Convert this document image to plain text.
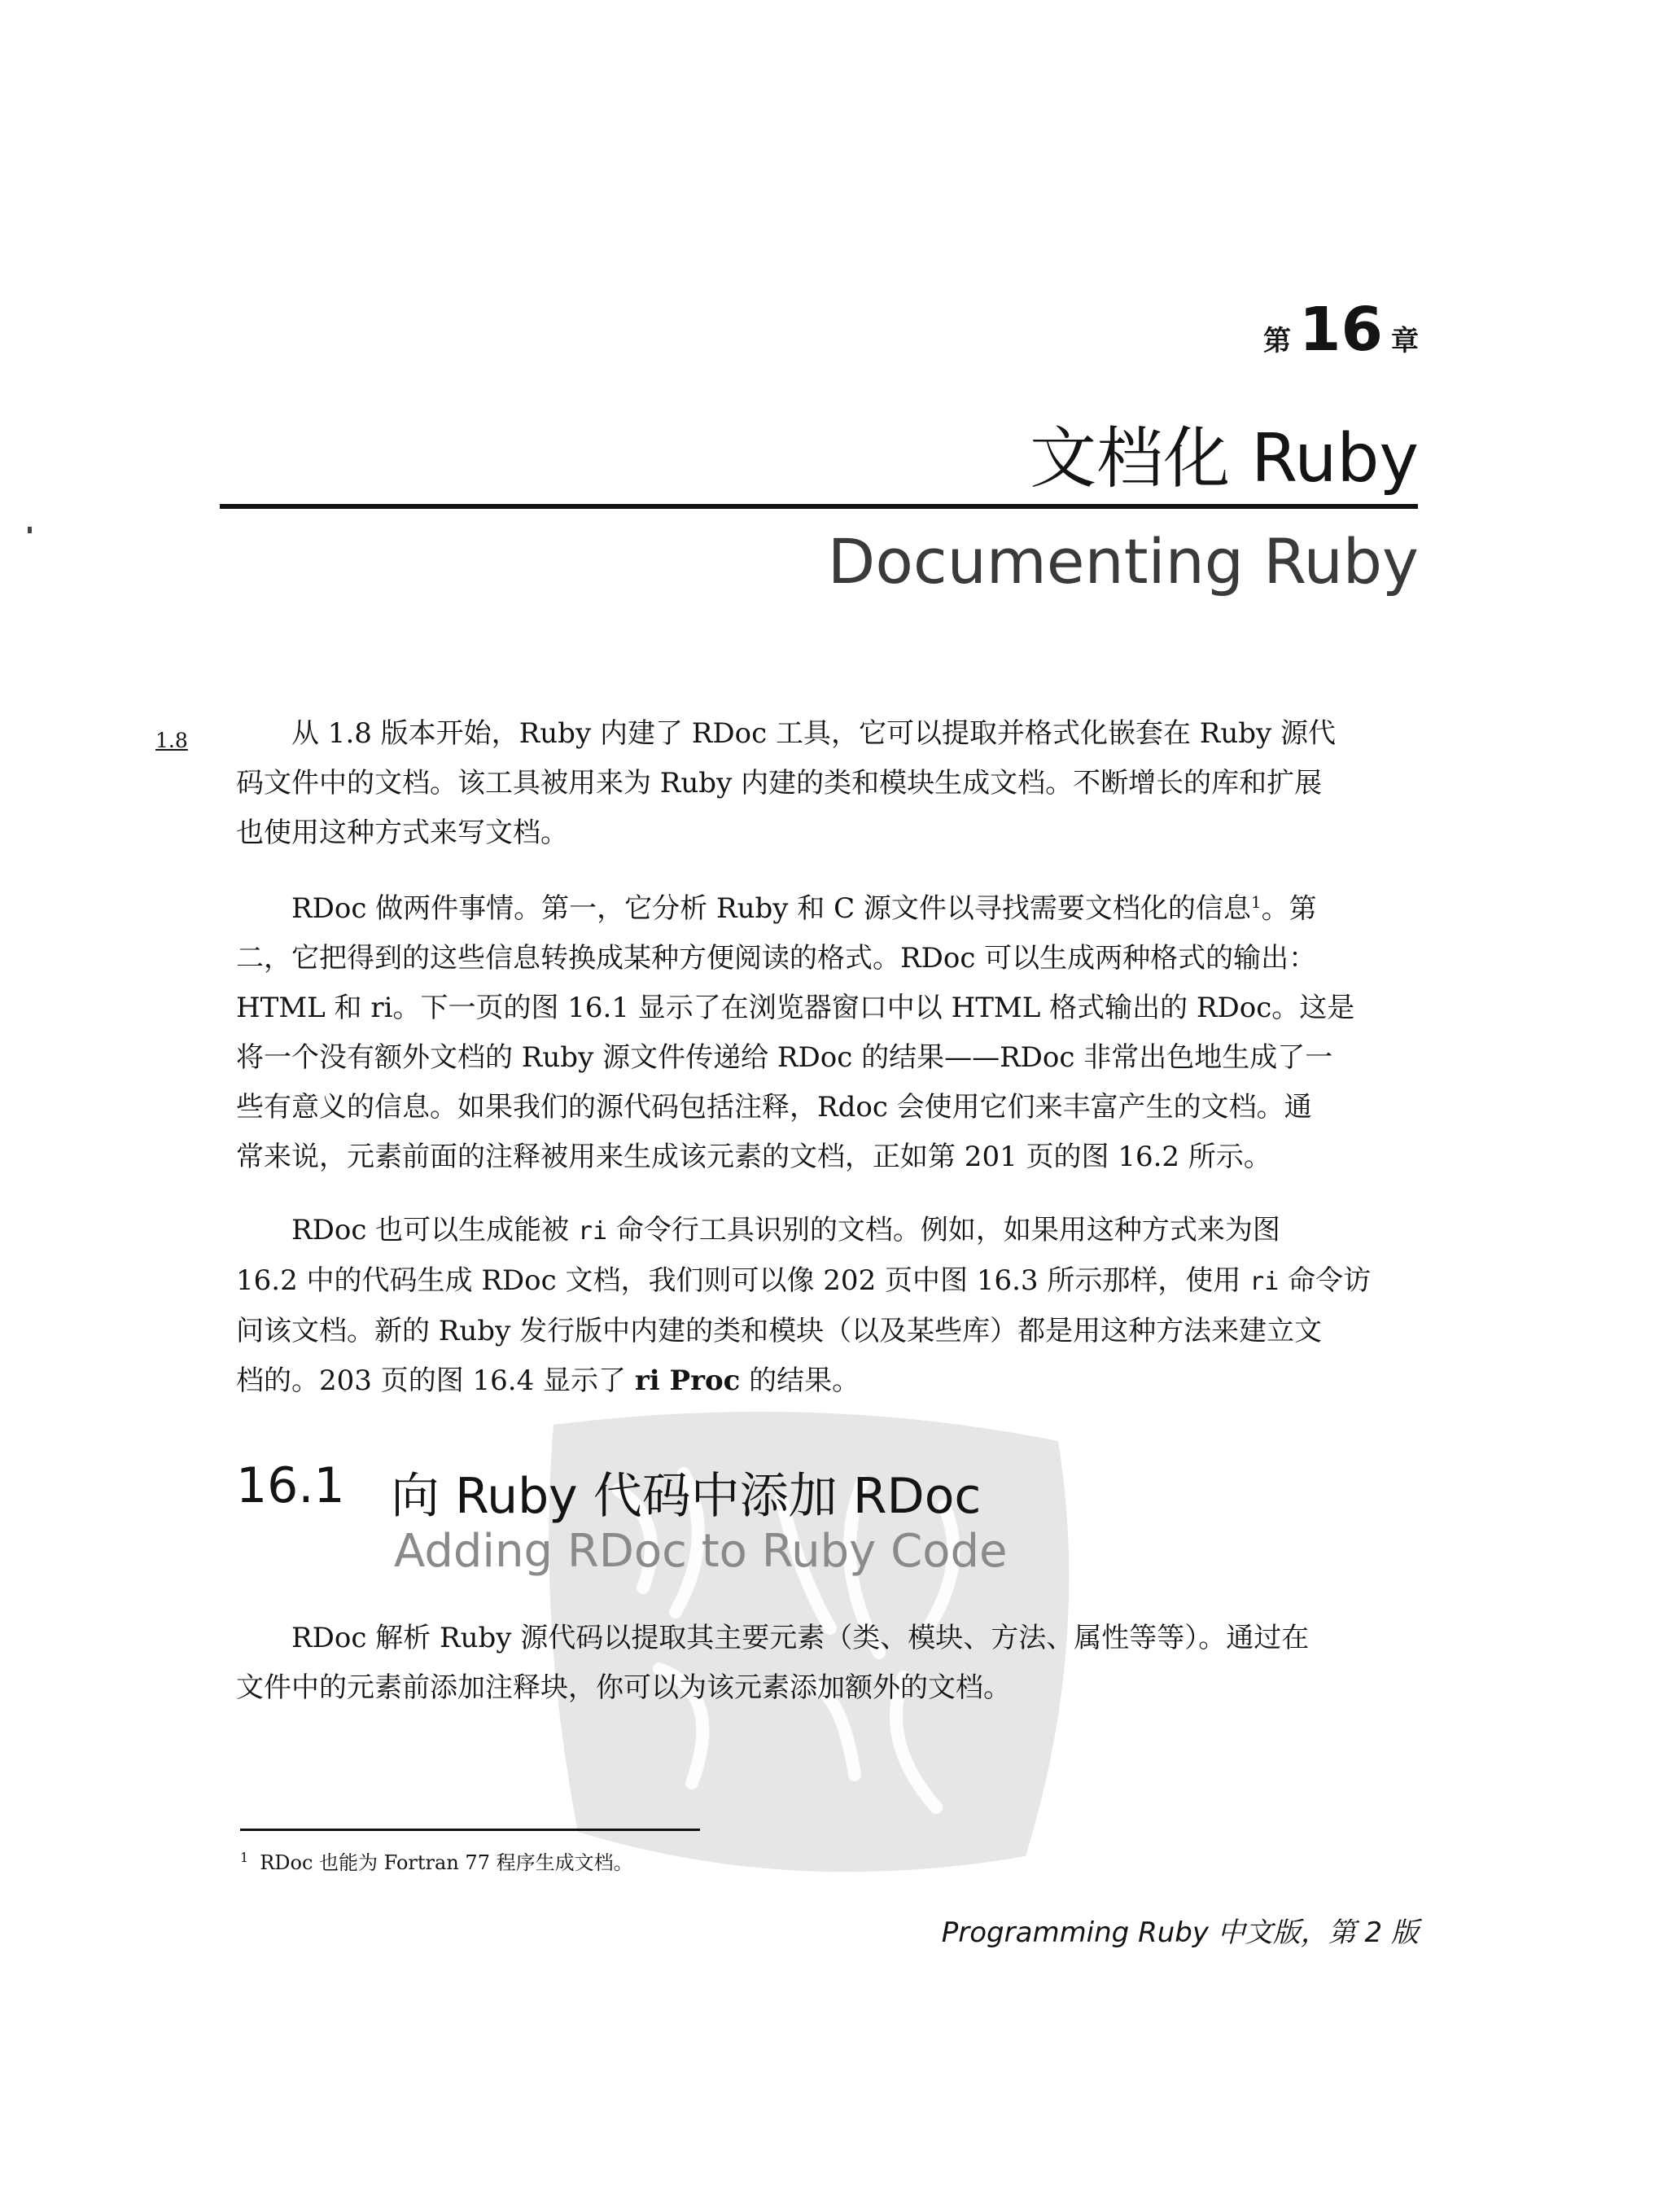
第 16 章
文档化 Ruby
Documenting Ruby
1.8	从 1.8 版本开始，Ruby 内建了 RDoc 工具，它可以提取并格式化嵌套在 Ruby 源代
码文件中的文档。该工具被用来为 Ruby 内建的类和模块生成文档。不断增长的库和扩展
也使用这种方式来写文档。

RDoc 做两件事情。第一，它分析 Ruby 和 C 源文件以寻找需要文档化的信息$^1$。第
二，它把得到的这些信息转换成某种方便阅读的格式。RDoc 可以生成两种格式的输出：
HTML 和 ri。下一页的图 16.1 显示了在浏览器窗口中以 HTML 格式输出的 RDoc。这是
将一个没有额外文档的 Ruby 源文件传递给 RDoc 的结果——RDoc 非常出色地生成了一
些有意义的信息。如果我们的源代码包括注释，Rdoc 会使用它们来丰富产生的文档。通
常来说，元素前面的注释被用来生成该元素的文档，正如第 201 页的图 16.2 所示。

RDoc 也可以生成能被 ri 命令行工具识别的文档。例如，如果用这种方式来为图
16.2 中的代码生成 RDoc 文档，我们则可以像 202 页中图 16.3 所示那样，使用 ri 命令访
问该文档。新的 Ruby 发行版中内建的类和模块（以及某些库）都是用这种方法来建立文
档的。203 页的图 16.4 显示了 ri Proc 的结果。

16.1 向 Ruby 代码中添加 RDoc
Adding RDoc to Ruby Code

RDoc 解析 Ruby 源代码以提取其主要元素（类、模块、方法、属性等等）。通过在
文件中的元素前添加注释块，你可以为该元素添加额外的文档。

$^1$ RDoc 也能为 Fortran 77 程序生成文档。
Programming Ruby 中文版，第 2 版
